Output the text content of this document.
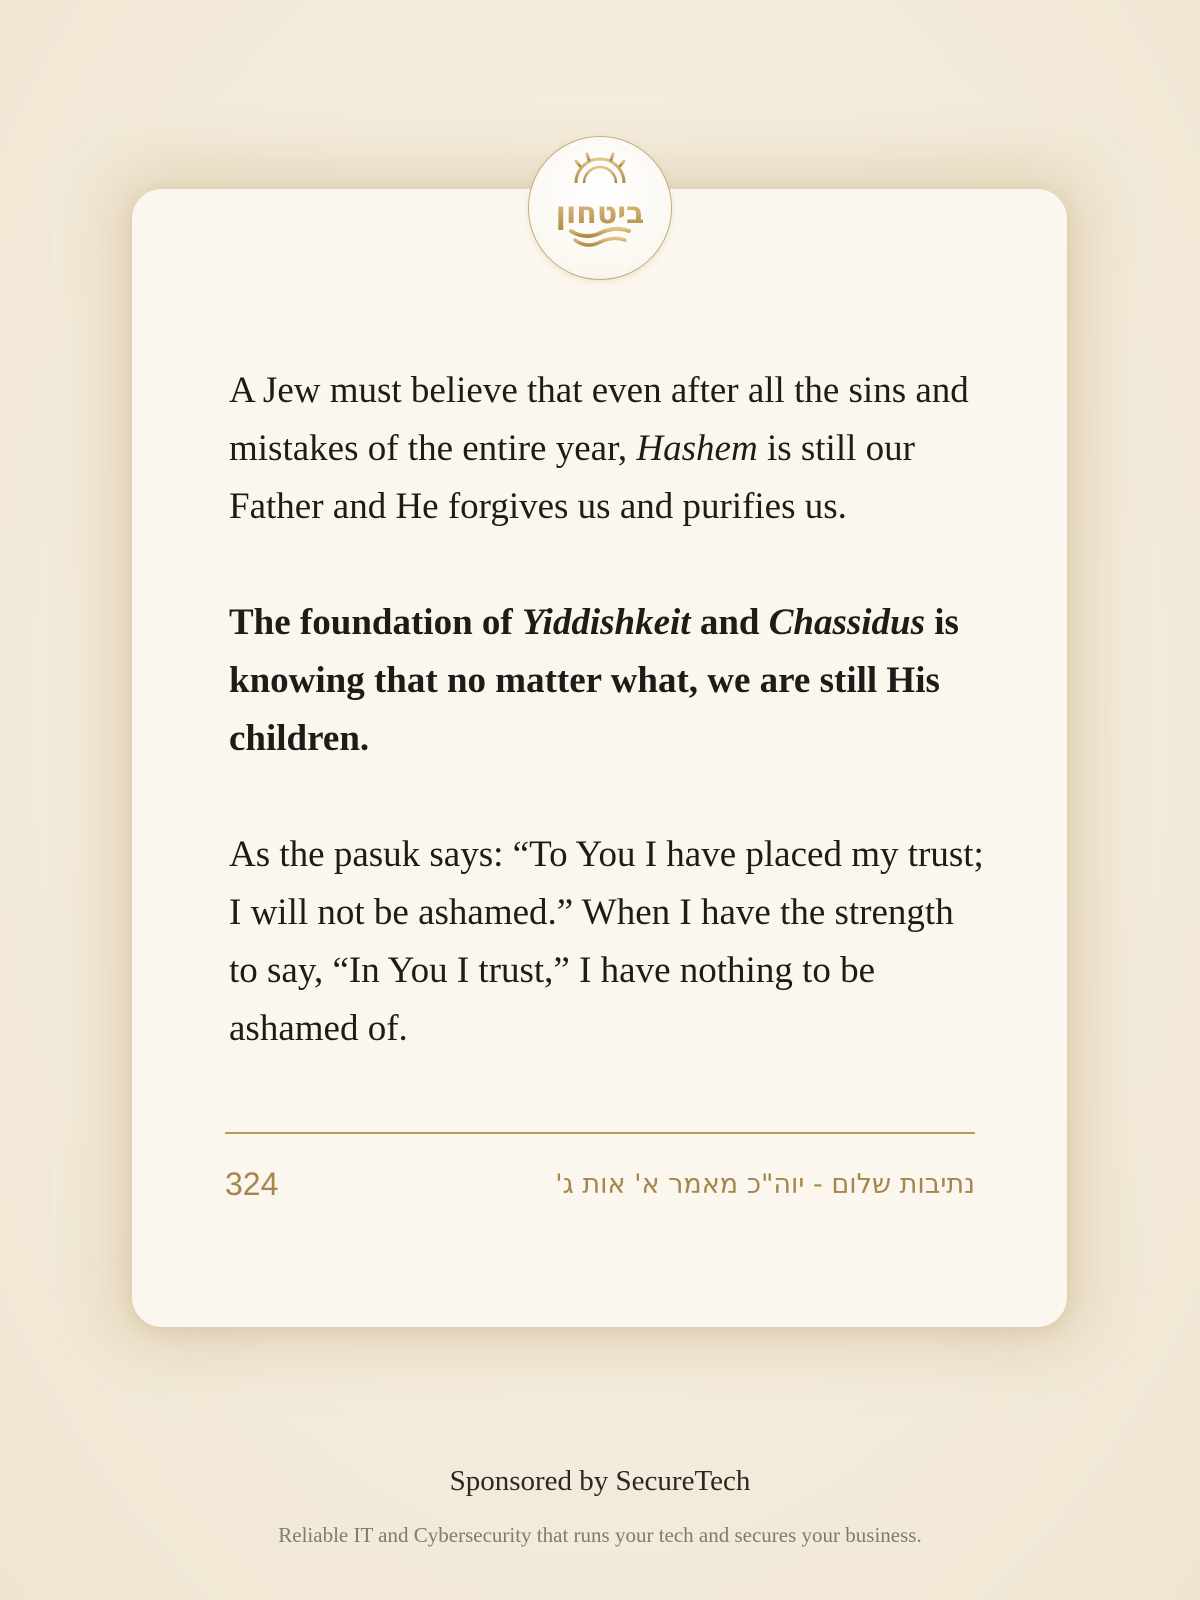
ביטחון

A Jew must believe that even after all the sins and mistakes of the entire year, Hashem is still our Father and He forgives us and purifies us.

The foundation of Yiddishkeit and Chassidus is knowing that no matter what, we are still His children.

As the pasuk says: “To You I have placed my trust; I will not be ashamed.” When I have the strength to say, “In You I trust,” I have nothing to be ashamed of.

324	נתיבות שלום - יוה"כ מאמר א' אות ג'
Sponsored by SecureTech
Reliable IT and Cybersecurity that runs your tech and secures your business.
